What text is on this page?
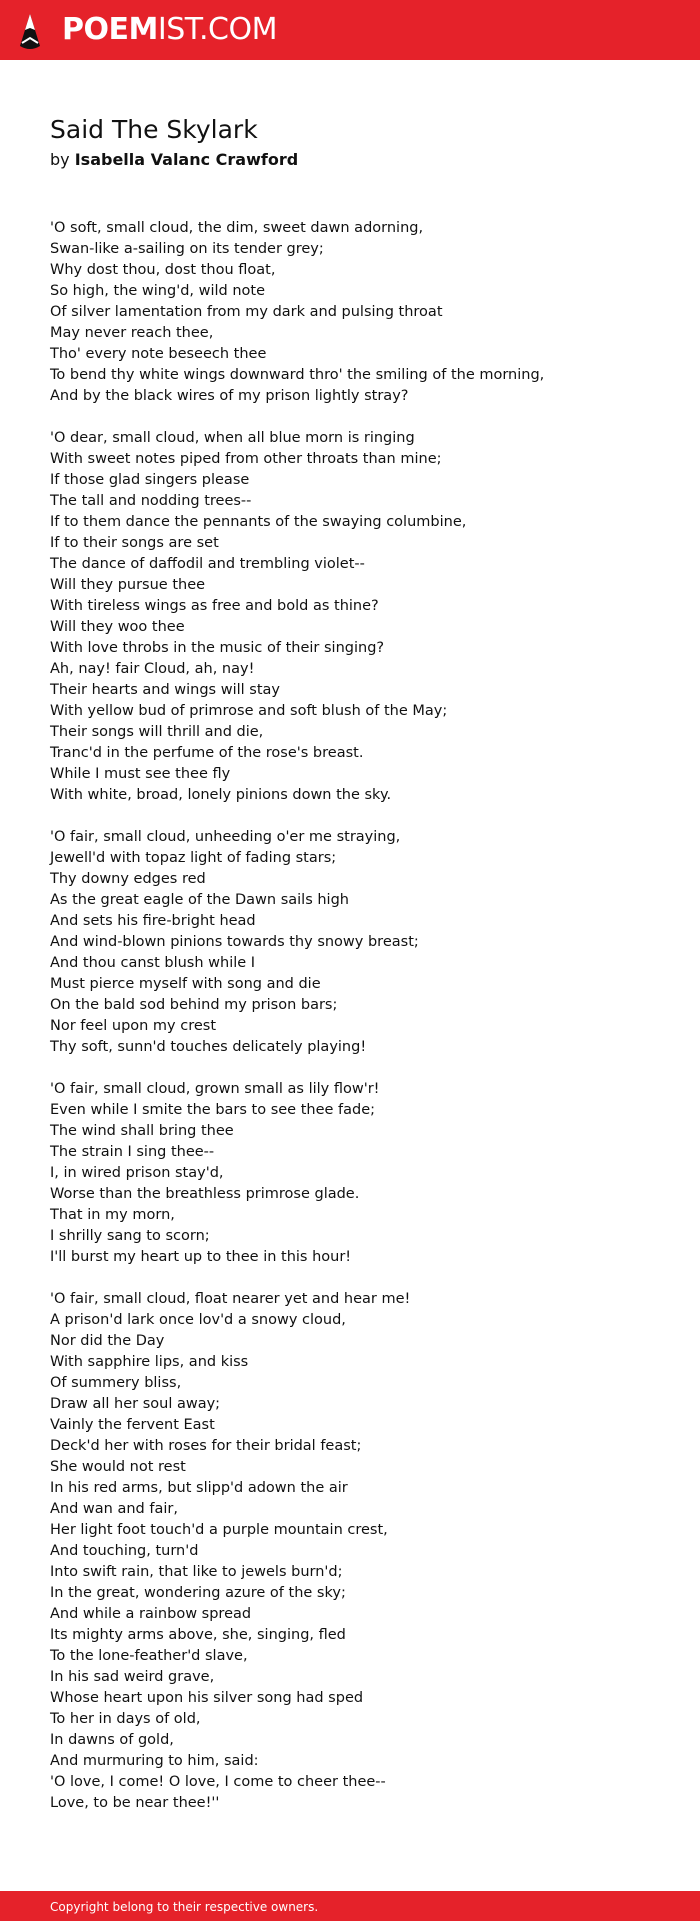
POEMIST.COM
Said The Skylark
by Isabella Valanc Crawford
'O soft, small cloud, the dim, sweet dawn adorning,
Swan-like a-sailing on its tender grey;
Why dost thou, dost thou float,
So high, the wing'd, wild note
Of silver lamentation from my dark and pulsing throat
May never reach thee,
Tho' every note beseech thee
To bend thy white wings downward thro' the smiling of the morning,
And by the black wires of my prison lightly stray?
'O dear, small cloud, when all blue morn is ringing
With sweet notes piped from other throats than mine;
If those glad singers please
The tall and nodding trees--
If to them dance the pennants of the swaying columbine,
If to their songs are set
The dance of daffodil and trembling violet--
Will they pursue thee
With tireless wings as free and bold as thine?
Will they woo thee
With love throbs in the music of their singing?
Ah, nay! fair Cloud, ah, nay!
Their hearts and wings will stay
With yellow bud of primrose and soft blush of the May;
Their songs will thrill and die,
Tranc'd in the perfume of the rose's breast.
While I must see thee fly
With white, broad, lonely pinions down the sky.
'O fair, small cloud, unheeding o'er me straying,
Jewell'd with topaz light of fading stars;
Thy downy edges red
As the great eagle of the Dawn sails high
And sets his fire-bright head
And wind-blown pinions towards thy snowy breast;
And thou canst blush while I
Must pierce myself with song and die
On the bald sod behind my prison bars;
Nor feel upon my crest
Thy soft, sunn'd touches delicately playing!
'O fair, small cloud, grown small as lily flow'r!
Even while I smite the bars to see thee fade;
The wind shall bring thee
The strain I sing thee--
I, in wired prison stay'd,
Worse than the breathless primrose glade.
That in my morn,
I shrilly sang to scorn;
I'll burst my heart up to thee in this hour!
'O fair, small cloud, float nearer yet and hear me!
A prison'd lark once lov'd a snowy cloud,
Nor did the Day
With sapphire lips, and kiss
Of summery bliss,
Draw all her soul away;
Vainly the fervent East
Deck'd her with roses for their bridal feast;
She would not rest
In his red arms, but slipp'd adown the air
And wan and fair,
Her light foot touch'd a purple mountain crest,
And touching, turn'd
Into swift rain, that like to jewels burn'd;
In the great, wondering azure of the sky;
And while a rainbow spread
Its mighty arms above, she, singing, fled
To the lone-feather'd slave,
In his sad weird grave,
Whose heart upon his silver song had sped
To her in days of old,
In dawns of gold,
And murmuring to him, said:
'O love, I come! O love, I come to cheer thee--
Love, to be near thee!''
Copyright belong to their respective owners.
